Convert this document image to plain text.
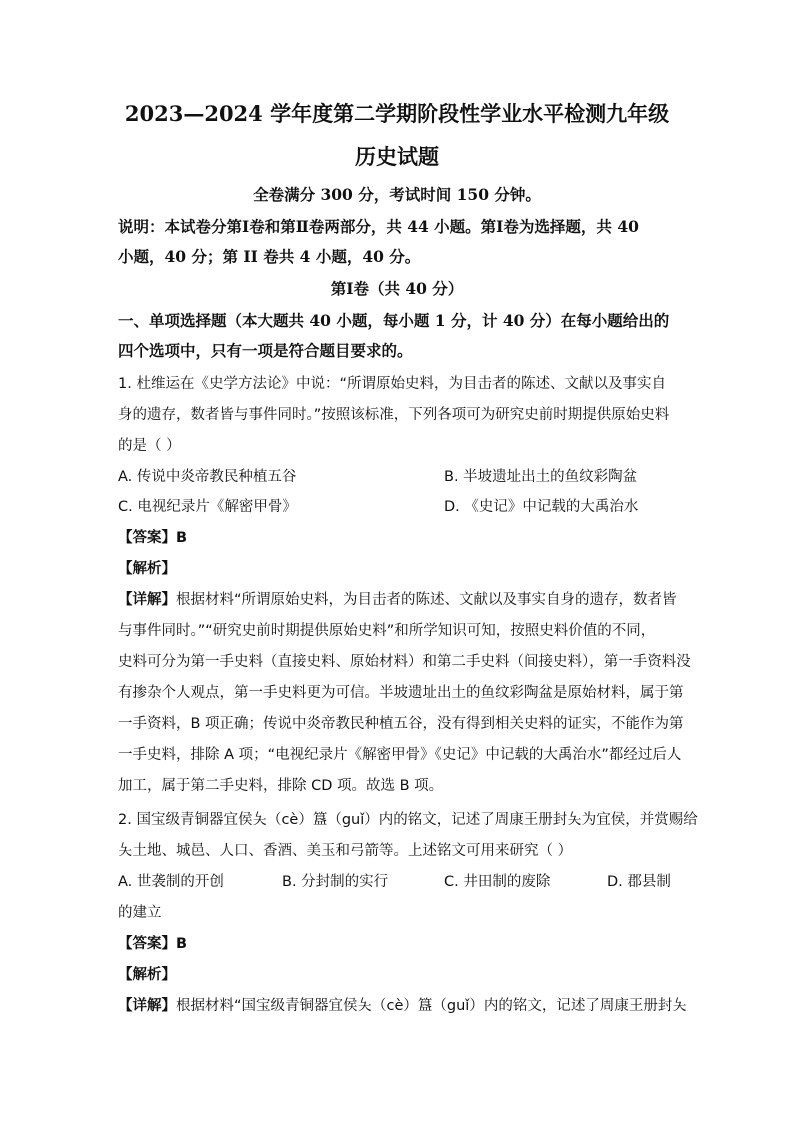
2023—2024 学年度第二学期阶段性学业水平检测九年级
历史试题
全卷满分 300 分，考试时间 150 分钟。
说明：本试卷分第Ⅰ卷和第Ⅱ卷两部分，共 44 小题。第Ⅰ卷为选择题，共 40
小题，40 分；第 II 卷共 4 小题，40 分。
第Ⅰ卷（共 40 分）
一、单项选择题（本大题共 40 小题，每小题 1 分，计 40 分）在每小题给出的
四个选项中，只有一项是符合题目要求的。
1. 杜维运在《史学方法论》中说：“所谓原始史料，为目击者的陈述、文献以及事实自
身的遗存，数者皆与事件同时。”按照该标准，下列各项可为研究史前时期提供原始史料
的是（ ）
A. 传说中炎帝教民种植五谷	B. 半坡遗址出土的鱼纹彩陶盆
C. 电视纪录片《解密甲骨》	D. 《史记》中记载的大禹治水
【答案】B
【解析】
【详解】根据材料“所谓原始史料，为目击者的陈述、文献以及事实自身的遗存，数者皆
与事件同时。”“研究史前时期提供原始史料”和所学知识可知，按照史料价值的不同，
史料可分为第一手史料（直接史料、原始材料）和第二手史料（间接史料），第一手资料没
有掺杂个人观点，第一手史料更为可信。半坡遗址出土的鱼纹彩陶盆是原始材料，属于第
一手资料，B 项正确；传说中炎帝教民种植五谷，没有得到相关史料的证实，不能作为第
一手史料，排除 A 项；“电视纪录片《解密甲骨》《史记》中记载的大禹治水”都经过后人
加工，属于第二手史料，排除 CD 项。故选 B 项。
2. 国宝级青铜器宜侯夨（cè）簋（guǐ）内的铭文，记述了周康王册封夨为宜侯，并赏赐给
夨土地、城邑、人口、香酒、美玉和弓箭等。上述铭文可用来研究（ ）
A. 世袭制的开创	B. 分封制的实行	C. 井田制的废除	D. 郡县制
的建立
【答案】B
【解析】
【详解】根据材料“国宝级青铜器宜侯夨（cè）簋（guǐ）内的铭文，记述了周康王册封夨
